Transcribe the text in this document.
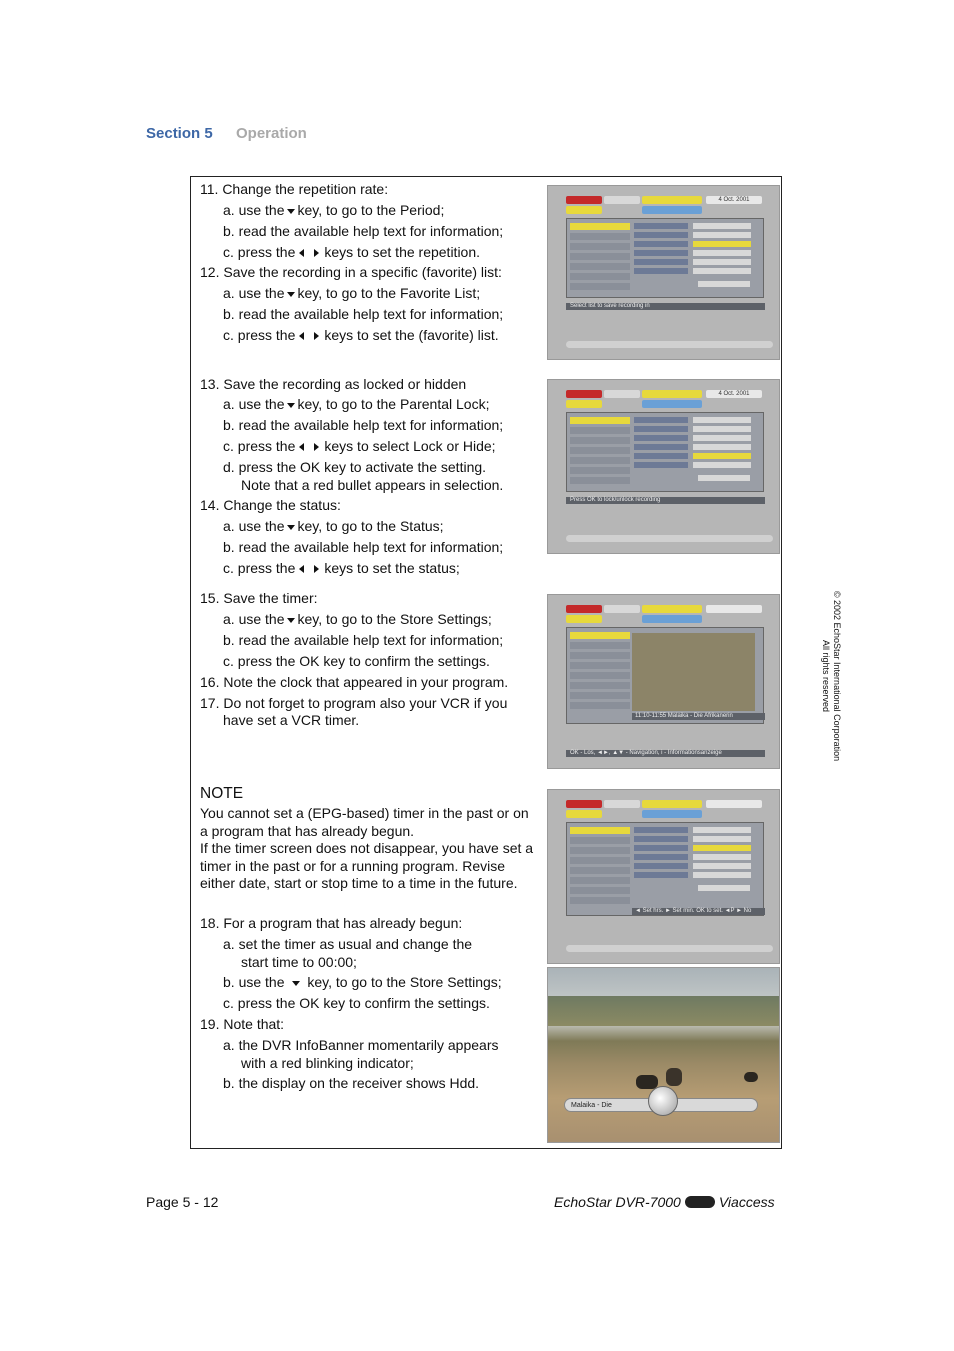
Section 5 Operation
11. Change the repetition rate:
a. use the key, to go to the Period;
b. read the available help text for information;
c. press the keys to set the repetition.
12. Save the recording in a specific (favorite) list:
a. use the key, to go to the Favorite List;
b. read the available help text for information;
c. press the keys to set the (favorite) list.
13. Save the recording as locked or hidden
a. use the key, to go to the Parental Lock;
b. read the available help text for information;
c. press the keys to select Lock or Hide;
d. press the OK key to activate the setting.
Note that a red bullet appears in selection.
14. Change the status:
a. use the key, to go to the Status;
b. read the available help text for information;
c. press the keys to set the status;
15. Save the timer:
a. use the key, to go to the Store Settings;
b. read the available help text for information;
c. press the OK key to confirm the settings.
16. Note the clock that appeared in your program.
17. Do not forget to program also your VCR if you
have set a VCR timer.
NOTE
You cannot set a (EPG-based) timer in the past or on a program that has already begun.
If the timer screen does not disappear, you have set a timer in the past or for a running program. Revise either date, start or stop time to a time in the future.
18. For a program that has already begun:
a. set the timer as usual and change the
start time to 00:00;
b. use the key, to go to the Store Settings;
c. press the OK key to confirm the settings.
19. Note that:
a. the DVR InfoBanner momentarily appears
with a red blinking indicator;
b. the display on the receiver shows Hdd.
4 Oct. 2001
Select list to save recording in
4 Oct. 2001
Press OK to lock/unlock recording
11:10-11:55 Malaika - Die Afrikanerin
OK - Los, ◄►, ▲▼ - Navigation, i - Informationsanzeige
◄ Set hrs. ► Set min. OK to set. ◄P ► No
Malaika - Die
Page 5 - 12	EchoStar DVR-7000	Viaccess
© 2002 EchoStar International Corporation
All rights reserved
